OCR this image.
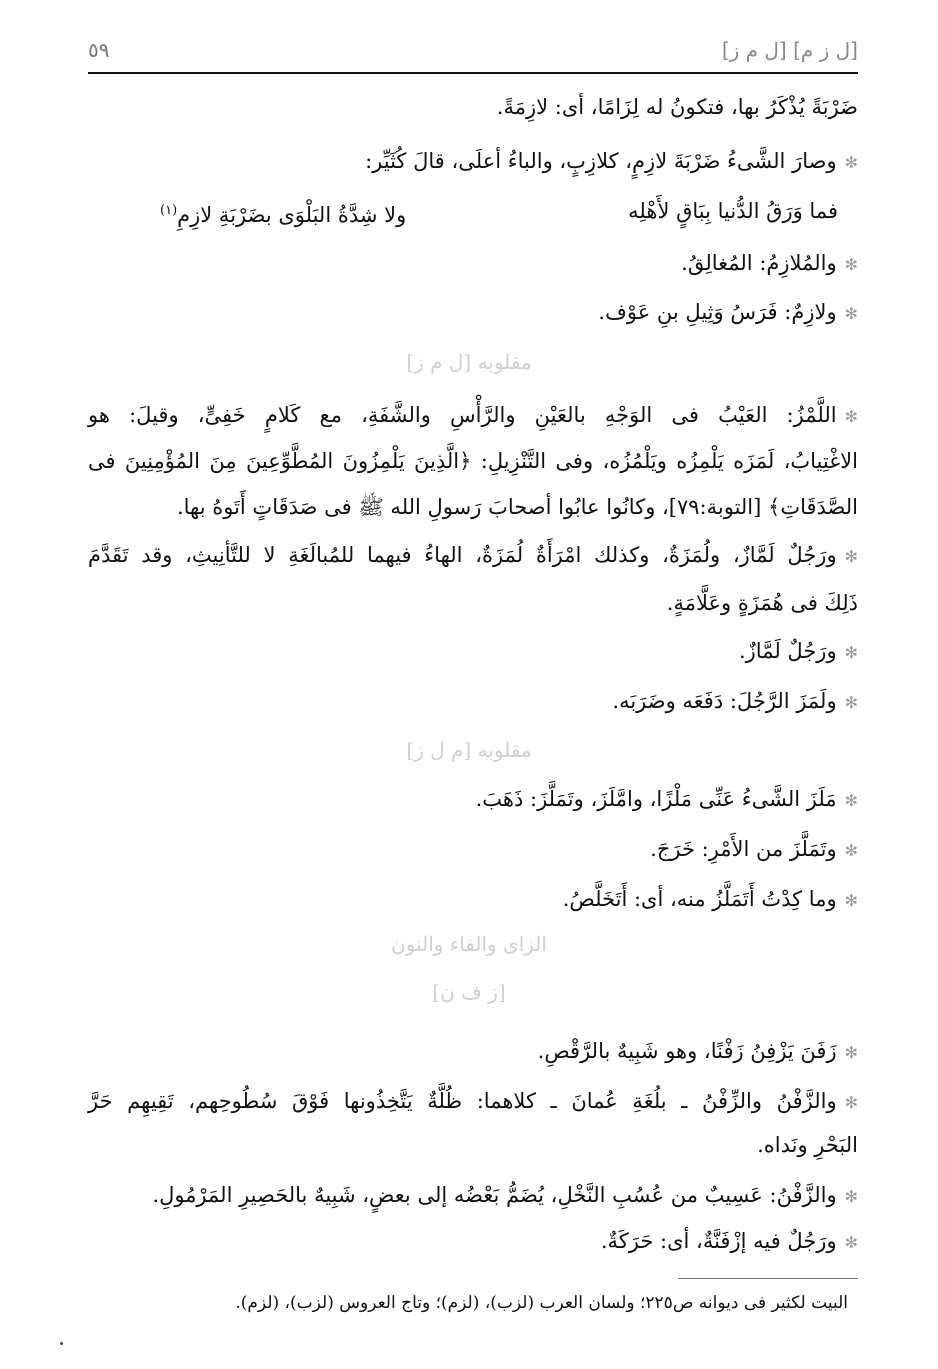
[ل ز م] [ل م ز]
٥٩
ضَرْبَةً يُذْكَرُ بها، فتكونُ له لِزَامًا، أى: لازِمَةً.
✻وصارَ الشَّىءُ ضَرْبَةَ لازِمٍ، كلازِبٍ، والباءُ أعلَى، قالَ كُثَيِّر:
فما وَرَقُ الدُّنيا بِبَاقٍ لأَهْلِه
ولا شِدَّةُ البَلْوَى بضَرْبَةِ لازِمِ$^{(١)}$
✻والمُلازِمُ: المُغالِقُ.
✻ولازِمٌ: فَرَسُ وَثِيلِ بنِ عَوْف.
مقلوبه [ل م ز]
✻اللَّمْزُ: العَيْبُ فى الوَجْهِ بالعَيْنِ والرَّأْسِ والشَّفَةِ، مع كَلامٍ خَفِىٍّ، وقيلَ: هو
الاغْتِيابُ، لَمَزَه يَلْمِزُه ويَلْمُزُه، وفى التَّنْزِيلِ: ﴿الَّذِينَ يَلْمِزُونَ المُطَّوِّعِينَ مِنَ المُؤْمِنِينَ فى
الصَّدَقَاتِ﴾ [التوبة:٧٩]، وكانُوا عابُوا أصحابَ رَسولِ الله ﷺ فى صَدَقَاتٍ أَتَوهُ بها.
✻ورَجُلٌ لَمَّازٌ، ولُمَزَةٌ، وكذلك امْرَأَةٌ لُمَزَةٌ، الهاءُ فيهما للمُبالَغَةِ لا للتَّأنِيثِ، وقد تَقَدَّمَ
ذَلِكَ فى هُمَزَةٍ وعَلَّامَةٍ.
✻ورَجُلٌ لَمَّازٌ.
✻ولَمَزَ الرَّجُلَ: دَفَعَه وضَرَبَه.
مقلوبه [م ل ز]
✻مَلَزَ الشَّىءُ عَنِّى مَلْزًا، وامَّلَزَ، وتَمَلَّزَ: ذَهَبَ.
✻وتَمَلَّزَ من الأَمْرِ: خَرَجَ.
✻وما كِدْتُ أَتَمَلَّزُ منه، أى: أَتَخَلَّصُ.
الزاى والفاء والنون
[ز ف ن]
✻زَفَنَ يَزْفِنُ زَفْنًا، وهو شَبِيهٌ بالرَّقْصِ.
✻والزَّفْنُ والزِّفْنُ ـ بلُغَةِ عُمانَ ـ كلاهما: ظُلَّةٌ يَتَّخِذُونها فَوْقَ سُطُوحِهم، تَقِيهِم حَرَّ
البَحْرِ ونَداه.
✻والزَّفْنُ: عَسِيبٌ من عُسُبِ النَّخْلِ، يُضَمُّ بَعْضُه إلى بعضٍ، شَبِيهٌ بالحَصِيرِ المَرْمُولِ.
✻ورَجُلٌ فيه إزْفَنَّةٌ، أى: حَرَكَةٌ.
البيت لكثير فى ديوانه ص٢٢٥؛ ولسان العرب (لزب)، (لزم)؛ وتاج العروس (لزب)، (لزم).
